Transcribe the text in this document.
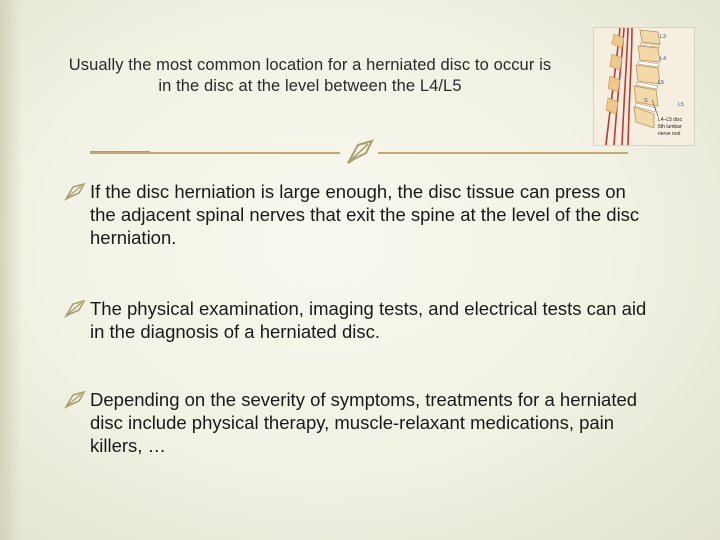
Usually the most common location for a herniated disc to occur is in the disc at the level between the L4/L5
L3
L4
L5
L5
S
L4–L5 disc
5th lumbar
nerve root
If the disc herniation is large enough, the disc tissue can press on the adjacent spinal nerves that exit the spine at the level of the disc herniation.
The physical examination, imaging tests, and electrical tests can aid in the diagnosis of a herniated disc.
Depending on the severity of symptoms, treatments for a herniated disc include physical therapy, muscle-relaxant medications, pain killers, …
